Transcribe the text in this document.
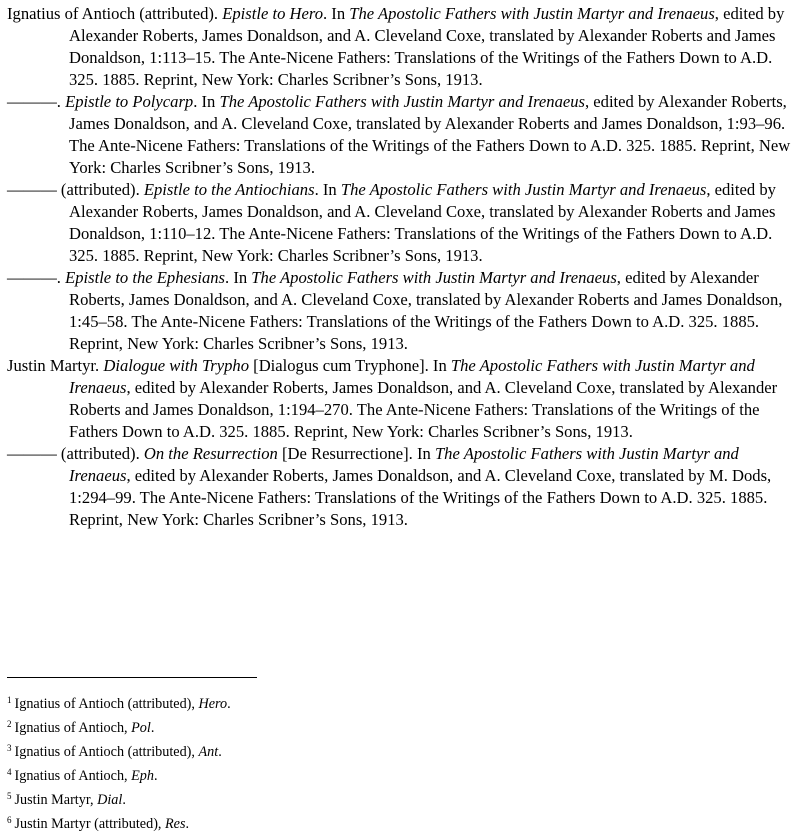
Ignatius of Antioch (attributed). Epistle to Hero. In The Apostolic Fathers with Justin Martyr and Irenaeus, edited by Alexander Roberts, James Donaldson, and A. Cleveland Coxe, translated by Alexander Roberts and James Donaldson, 1:113–15. The Ante-Nicene Fathers: Translations of the Writings of the Fathers Down to A.D. 325. 1885. Reprint, New York: Charles Scribner’s Sons, 1913.

———. Epistle to Polycarp. In The Apostolic Fathers with Justin Martyr and Irenaeus, edited by Alexander Roberts, James Donaldson, and A. Cleveland Coxe, translated by Alexander Roberts and James Donaldson, 1:93–96. The Ante-Nicene Fathers: Translations of the Writings of the Fathers Down to A.D. 325. 1885. Reprint, New York: Charles Scribner’s Sons, 1913.

——— (attributed). Epistle to the Antiochians. In The Apostolic Fathers with Justin Martyr and Irenaeus, edited by Alexander Roberts, James Donaldson, and A. Cleveland Coxe, translated by Alexander Roberts and James Donaldson, 1:110–12. The Ante-Nicene Fathers: Translations of the Writings of the Fathers Down to A.D. 325. 1885. Reprint, New York: Charles Scribner’s Sons, 1913.

———. Epistle to the Ephesians. In The Apostolic Fathers with Justin Martyr and Irenaeus, edited by Alexander Roberts, James Donaldson, and A. Cleveland Coxe, translated by Alexander Roberts and James Donaldson, 1:45–58. The Ante-Nicene Fathers: Translations of the Writings of the Fathers Down to A.D. 325. 1885. Reprint, New York: Charles Scribner’s Sons, 1913.

Justin Martyr. Dialogue with Trypho [Dialogus cum Tryphone]. In The Apostolic Fathers with Justin Martyr and Irenaeus, edited by Alexander Roberts, James Donaldson, and A. Cleveland Coxe, translated by Alexander Roberts and James Donaldson, 1:194–270. The Ante-Nicene Fathers: Translations of the Writings of the Fathers Down to A.D. 325. 1885. Reprint, New York: Charles Scribner’s Sons, 1913.

——— (attributed). On the Resurrection [De Resurrectione]. In The Apostolic Fathers with Justin Martyr and Irenaeus, edited by Alexander Roberts, James Donaldson, and A. Cleveland Coxe, translated by M. Dods, 1:294–99. The Ante-Nicene Fathers: Translations of the Writings of the Fathers Down to A.D. 325. 1885. Reprint, New York: Charles Scribner’s Sons, 1913.

$^1$ Ignatius of Antioch (attributed), Hero.

$^2$ Ignatius of Antioch, Pol.

$^3$ Ignatius of Antioch (attributed), Ant.

$^4$ Ignatius of Antioch, Eph.

$^5$ Justin Martyr, Dial.

$^6$ Justin Martyr (attributed), Res.
